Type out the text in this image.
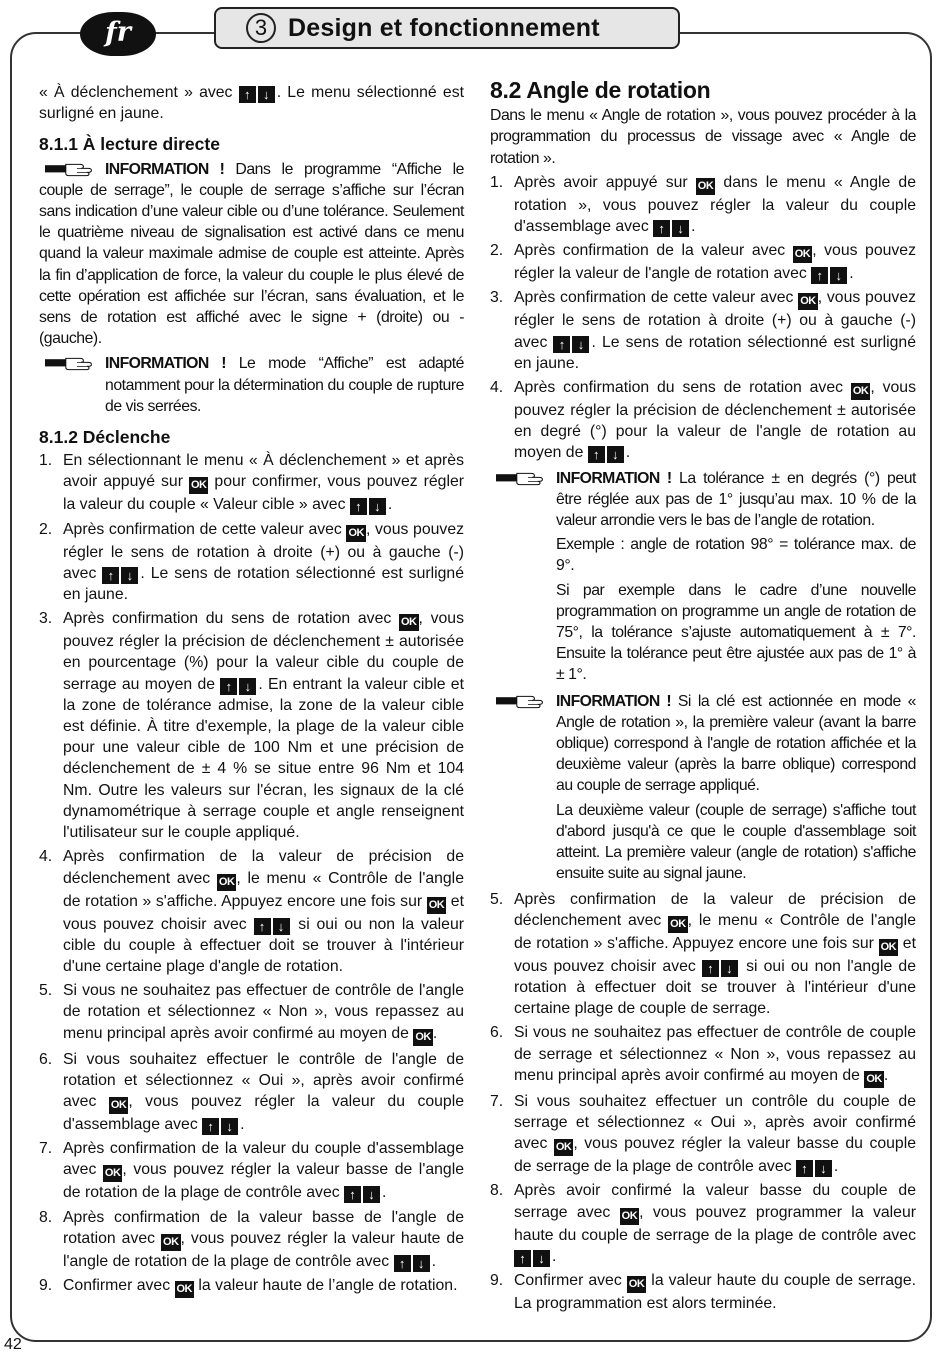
fr	3 Design et fonctionnement

« À déclenchement » avec ↑ ↓ . Le menu sélectionné est surligné en jaune.

8.1.1 À lecture directe

INFORMATION ! Dans le programme “Affiche le couple de serrage”, le couple de serrage s’affiche sur l’écran sans indication d’une valeur cible ou d’une tolérance. Seulement le quatrième niveau de signalisation est activé dans ce menu quand la valeur maximale admise de couple est atteinte. Après la fin d’application de force, la valeur du couple le plus élevé de cette opération est affichée sur l’écran, sans évaluation, et le sens de rotation est affiché avec le signe + (droite) ou - (gauche).

INFORMATION ! Le mode “Affiche” est adapté notamment pour la détermination du couple de rupture de vis serrées.

8.1.2 Déclenche
1. En sélectionnant le menu « À déclenchement » et après avoir appuyé sur OK pour confirmer, vous pouvez régler la valeur du couple « Valeur cible » avec ↑ ↓ .
2. Après confirmation de cette valeur avec OK , vous pouvez régler le sens de rotation à droite (+) ou à gauche (-) avec ↑ ↓ . Le sens de rotation sélectionné est surligné en jaune.
3. Après confirmation du sens de rotation avec OK , vous pouvez régler la précision de déclenchement ± autorisée en pourcentage (%) pour la valeur cible du couple de serrage au moyen de ↑ ↓ . En entrant la valeur cible et la zone de tolérance admise, la zone de la valeur cible est définie. À titre d'exemple, la plage de la valeur cible pour une valeur cible de 100 Nm et une précision de déclenchement de ± 4 % se situe entre 96 Nm et 104 Nm. Outre les valeurs sur l'écran, les signaux de la clé dynamométrique à serrage couple et angle renseignent l'utilisateur sur le couple appliqué.
4. Après confirmation de la valeur de précision de déclenchement avec OK , le menu « Contrôle de l'angle de rotation » s'affiche. Appuyez encore une fois sur OK et vous pouvez choisir avec ↑ ↓ si oui ou non la valeur cible du couple à effectuer doit se trouver à l'intérieur d'une certaine plage d'angle de rotation.
5. Si vous ne souhaitez pas effectuer de contrôle de l'angle de rotation et sélectionnez « Non », vous repassez au menu principal après avoir confirmé au moyen de OK .
6. Si vous souhaitez effectuer le contrôle de l'angle de rotation et sélectionnez « Oui », après avoir confirmé avec OK , vous pouvez régler la valeur du couple d'assemblage avec ↑ ↓ .
7. Après confirmation de la valeur du couple d'assemblage avec OK , vous pouvez régler la valeur basse de l'angle de rotation de la plage de contrôle avec ↑ ↓ .
8. Après confirmation de la valeur basse de l'angle de rotation avec OK , vous pouvez régler la valeur haute de l'angle de rotation de la plage de contrôle avec ↑ ↓ .
9. Confirmer avec OK la valeur haute de l’angle de rotation.
8.2 Angle de rotation

Dans le menu « Angle de rotation », vous pouvez procéder à la programmation du processus de vissage avec « Angle de rotation ».

1. Après avoir appuyé sur OK dans le menu « Angle de rotation », vous pouvez régler la valeur du couple d'assemblage avec ↑ ↓ .
2. Après confirmation de la valeur avec OK , vous pouvez régler la valeur de l'angle de rotation avec ↑ ↓ .
3. Après confirmation de cette valeur avec OK , vous pouvez régler le sens de rotation à droite (+) ou à gauche (-) avec ↑ ↓ . Le sens de rotation sélectionné est surligné en jaune.
4. Après confirmation du sens de rotation avec OK , vous pouvez régler la précision de déclenchement ± autorisée en degré (°) pour la valeur de l'angle de rotation au moyen de ↑ ↓ .

INFORMATION ! La tolérance ± en degrés (°) peut être réglée aux pas de 1° jusqu’au max. 10 % de la valeur arrondie vers le bas de l’angle de rotation.

Exemple : angle de rotation 98° = tolérance max. de 9°.

Si par exemple dans le cadre d’une nouvelle programmation on programme un angle de rotation de 75°, la tolérance s’ajuste automatiquement à ± 7°. Ensuite la tolérance peut être ajustée aux pas de 1° à ± 1°.

INFORMATION ! Si la clé est actionnée en mode « Angle de rotation », la première valeur (avant la barre oblique) correspond à l'angle de rotation affichée et la deuxième valeur (après la barre oblique) correspond au couple de serrage appliqué.

La deuxième valeur (couple de serrage) s'affiche tout d'abord jusqu'à ce que le couple d'assemblage soit atteint. La première valeur (angle de rotation) s'affiche ensuite suite au signal jaune.

5. Après confirmation de la valeur de précision de déclenchement avec OK , le menu « Contrôle de l'angle de rotation » s'affiche. Appuyez encore une fois sur OK et vous pouvez choisir avec ↑ ↓ si oui ou non l'angle de rotation à effectuer doit se trouver à l'intérieur d'une certaine plage de couple de serrage.
6. Si vous ne souhaitez pas effectuer de contrôle de couple de serrage et sélectionnez « Non », vous repassez au menu principal après avoir confirmé au moyen de OK .
7. Si vous souhaitez effectuer un contrôle du couple de serrage et sélectionnez « Oui », après avoir confirmé avec OK , vous pouvez régler la valeur basse du couple de serrage de la plage de contrôle avec ↑ ↓ .
8. Après avoir confirmé la valeur basse du couple de serrage avec OK , vous pouvez programmer la valeur haute du couple de serrage de la plage de contrôle avec ↑ ↓ .
9. Confirmer avec OK la valeur haute du couple de serrage. La programmation est alors terminée.
42
